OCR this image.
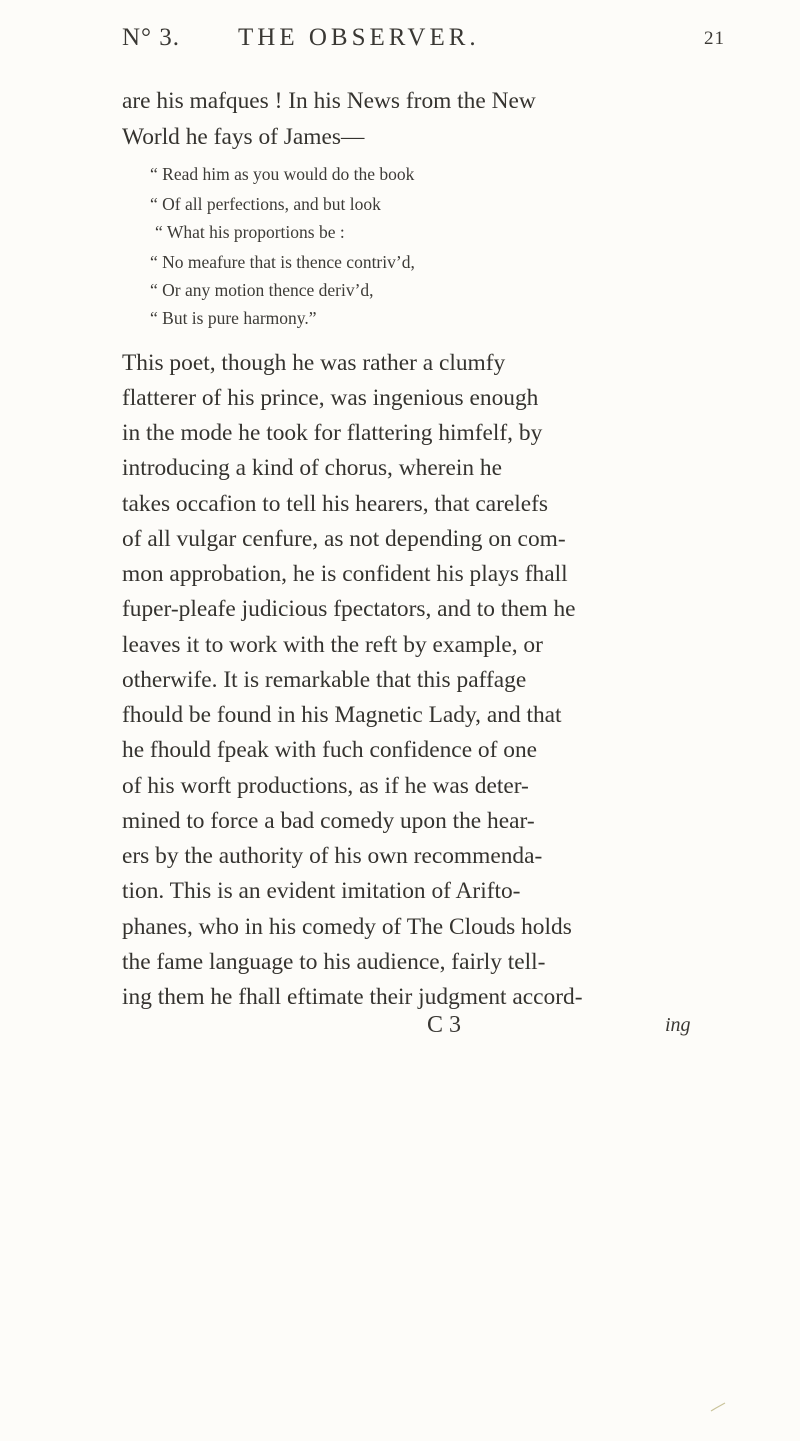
N° 3. THE OBSERVER.	21
are his mafques ! In his News from the New
World he fays of James—
“ Read him as you would do the book
“ Of all perfections, and but look
“ What his proportions be :
“ No meafure that is thence contriv’d,
“ Or any motion thence deriv’d,
“ But is pure harmony.”
This poet, though he was rather a clumfy
flatterer of his prince, was ingenious enough
in the mode he took for flattering himfelf, by
introducing a kind of chorus, wherein he
takes occafion to tell his hearers, that carelefs
of all vulgar cenfure, as not depending on com-
mon approbation, he is confident his plays fhall
fuper-pleafe judicious fpectators, and to them he
leaves it to work with the reft by example, or
otherwife. It is remarkable that this paffage
fhould be found in his Magnetic Lady, and that
he fhould fpeak with fuch confidence of one
of his worft productions, as if he was deter-
mined to force a bad comedy upon the hear-
ers by the authority of his own recommenda-
tion. This is an evident imitation of Arifto-
phanes, who in his comedy of The Clouds holds
the fame language to his audience, fairly tell-
ing them he fhall eftimate their judgment accord-
C 3	ing
